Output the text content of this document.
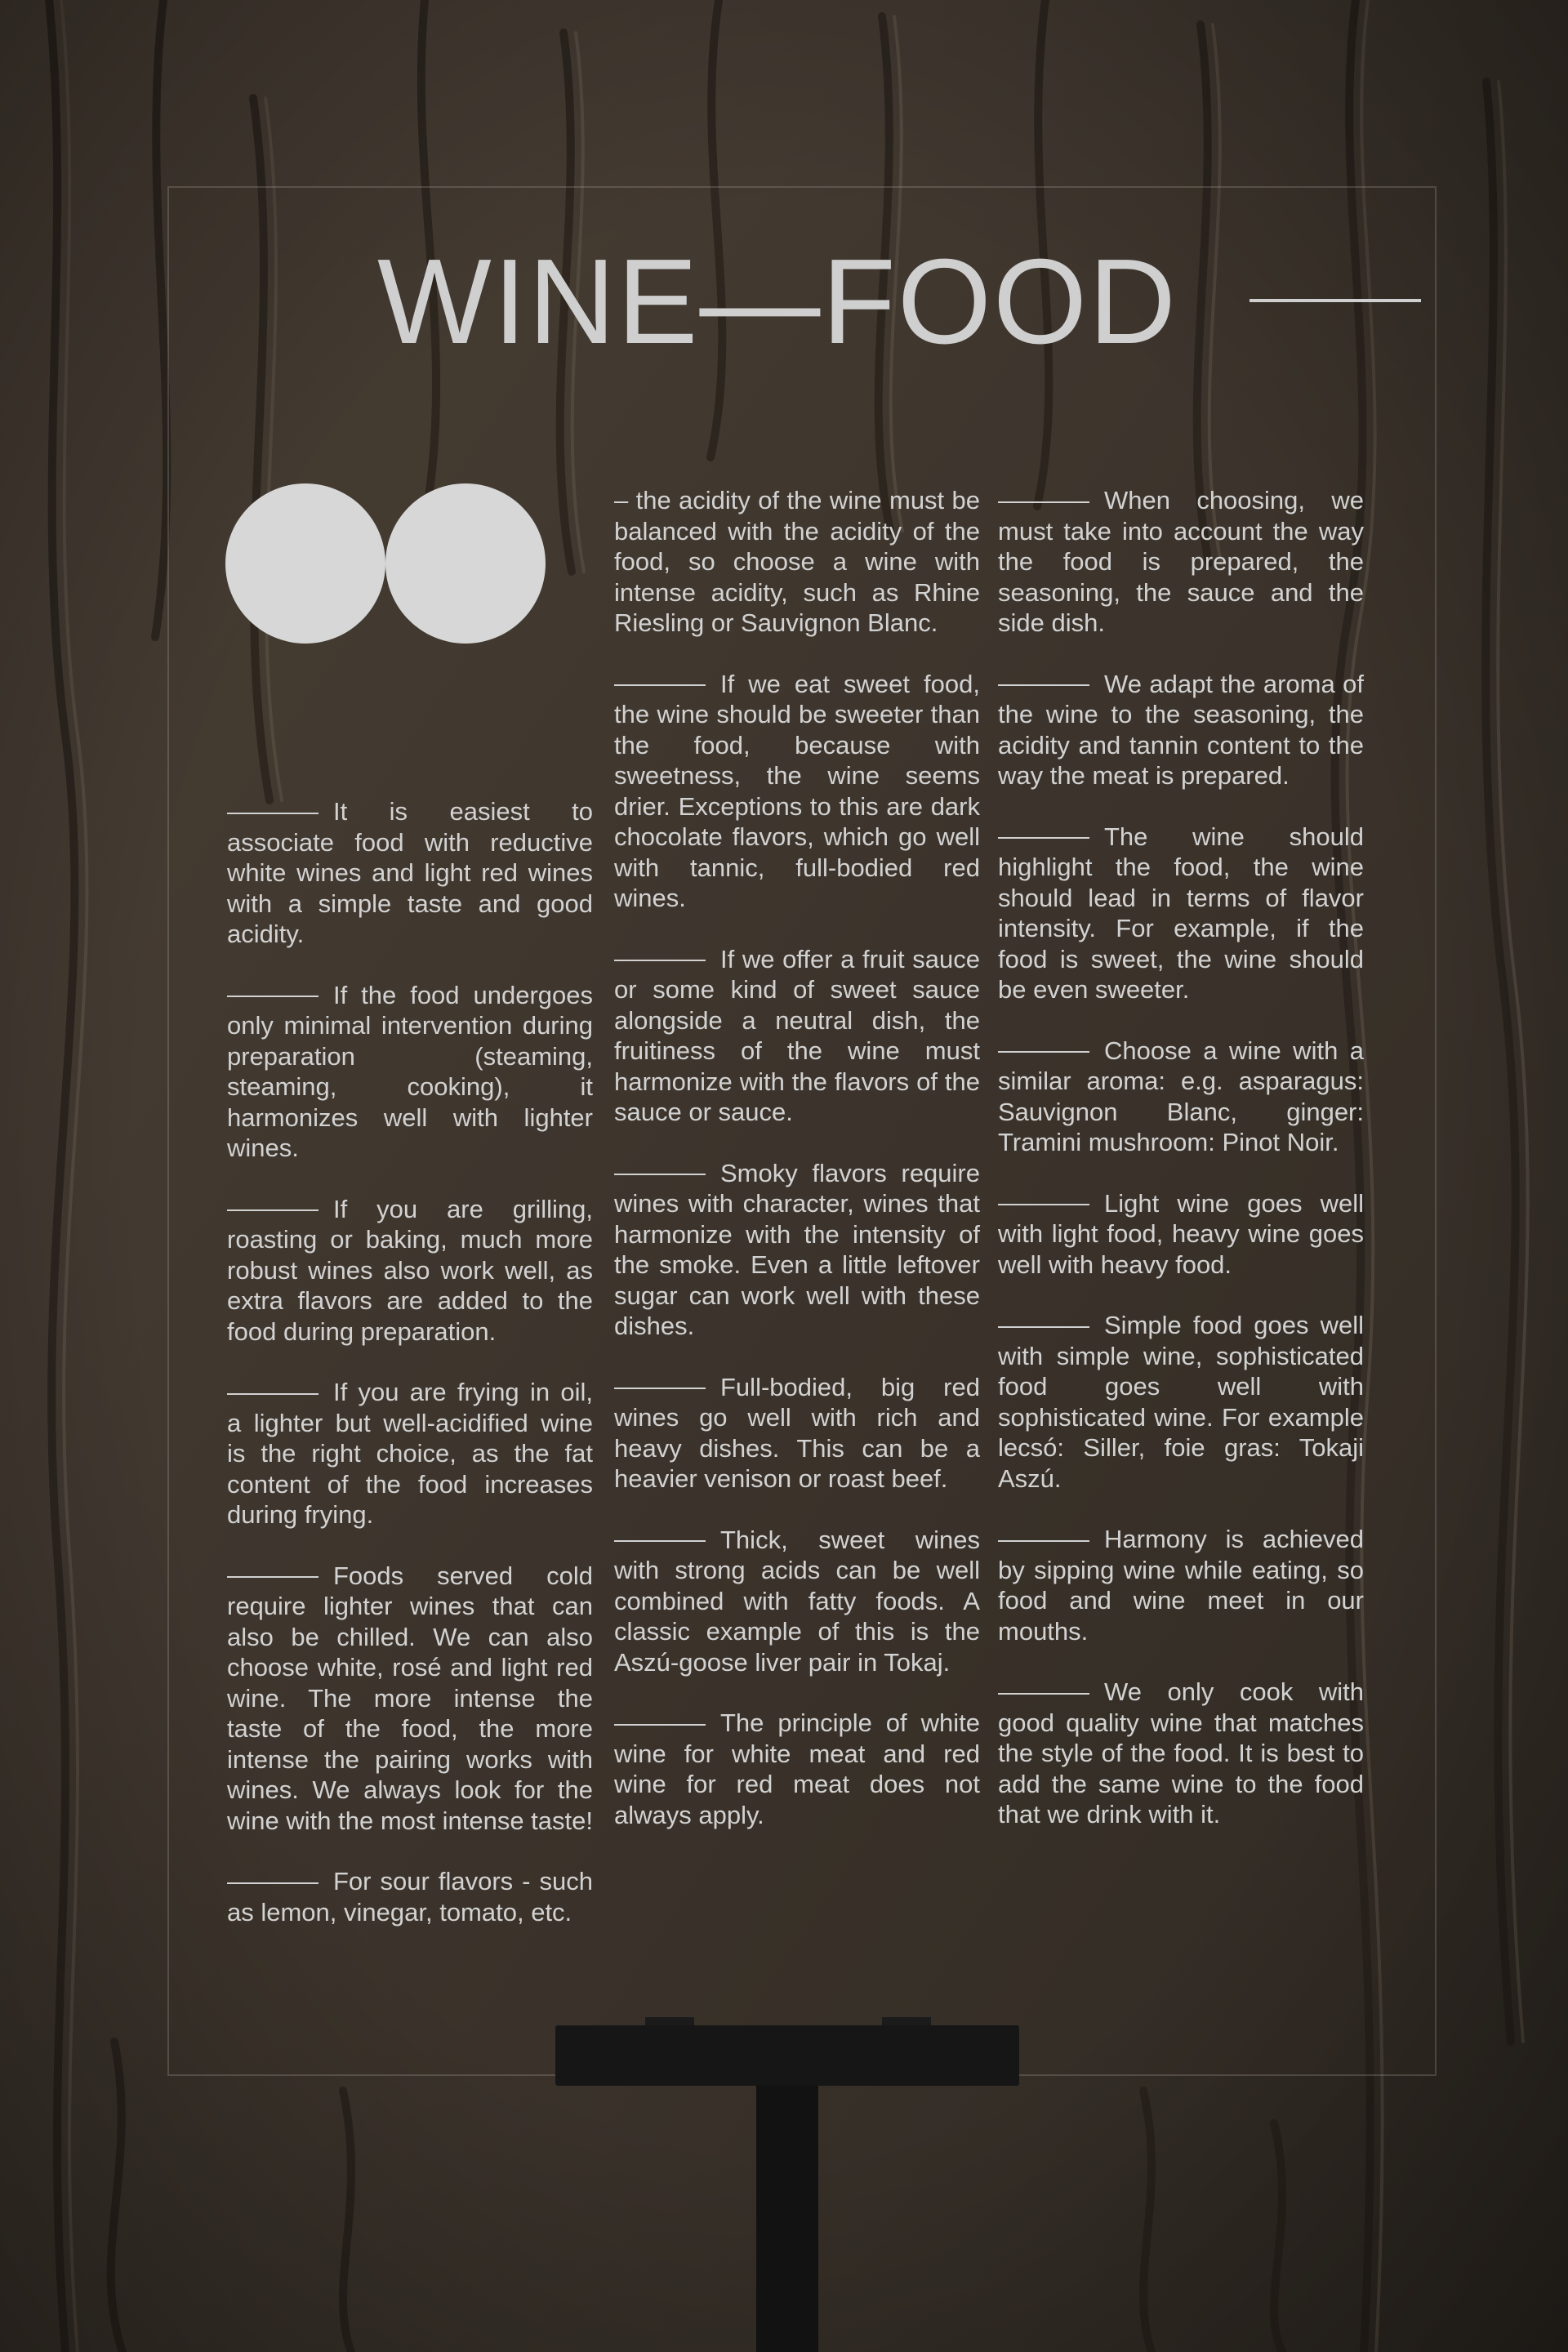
WINE—FOOD

It is easiest to associate food with reductive white wines and light red wines with a simple taste and good acidity.

If the food undergoes only minimal intervention during preparation (steaming, steaming, cooking), it harmonizes well with lighter wines.

If you are grilling, roasting or baking, much more robust wines also work well, as extra flavors are added to the food during preparation.

If you are frying in oil, a lighter but well-acidified wine is the right choice, as the fat content of the food increases during frying.

Foods served cold require lighter wines that can also be chilled. We can also choose white, rosé and light red wine. The more intense the taste of the food, the more intense the pairing works with wines. We always look for the wine with the most intense taste!

For sour flavors - such as lemon, vinegar, tomato, etc.

– the acidity of the wine must be balanced with the acidity of the food, so choose a wine with intense acidity, such as Rhine Riesling or Sauvignon Blanc.

If we eat sweet food, the wine should be sweeter than the food, because with sweetness, the wine seems drier. Exceptions to this are dark chocolate flavors, which go well with tannic, full-bodied red wines.

If we offer a fruit sauce or some kind of sweet sauce alongside a neutral dish, the fruitiness of the wine must harmonize with the flavors of the sauce or sauce.

Smoky flavors require wines with character, wines that harmonize with the intensity of the smoke. Even a little leftover sugar can work well with these dishes.

Full-bodied, big red wines go well with rich and heavy dishes. This can be a heavier venison or roast beef.

Thick, sweet wines with strong acids can be well combined with fatty foods. A classic example of this is the Aszú-goose liver pair in Tokaj.

The principle of white wine for white meat and red wine for red meat does not always apply.

When choosing, we must take into account the way the food is prepared, the seasoning, the sauce and the side dish.

We adapt the aroma of the wine to the seasoning, the acidity and tannin content to the way the meat is prepared.

The wine should highlight the food, the wine should lead in terms of flavor intensity. For example, if the food is sweet, the wine should be even sweeter.

Choose a wine with a similar aroma: e.g. asparagus: Sauvignon Blanc, ginger: Tramini mushroom: Pinot Noir.

Light wine goes well with light food, heavy wine goes well with heavy food.

Simple food goes well with simple wine, sophisticated food goes well with sophisticated wine. For example lecsó: Siller, foie gras: Tokaji Aszú.

Harmony is achieved by sipping wine while eating, so food and wine meet in our mouths.

We only cook with good quality wine that matches the style of the food. It is best to add the same wine to the food that we drink with it.
